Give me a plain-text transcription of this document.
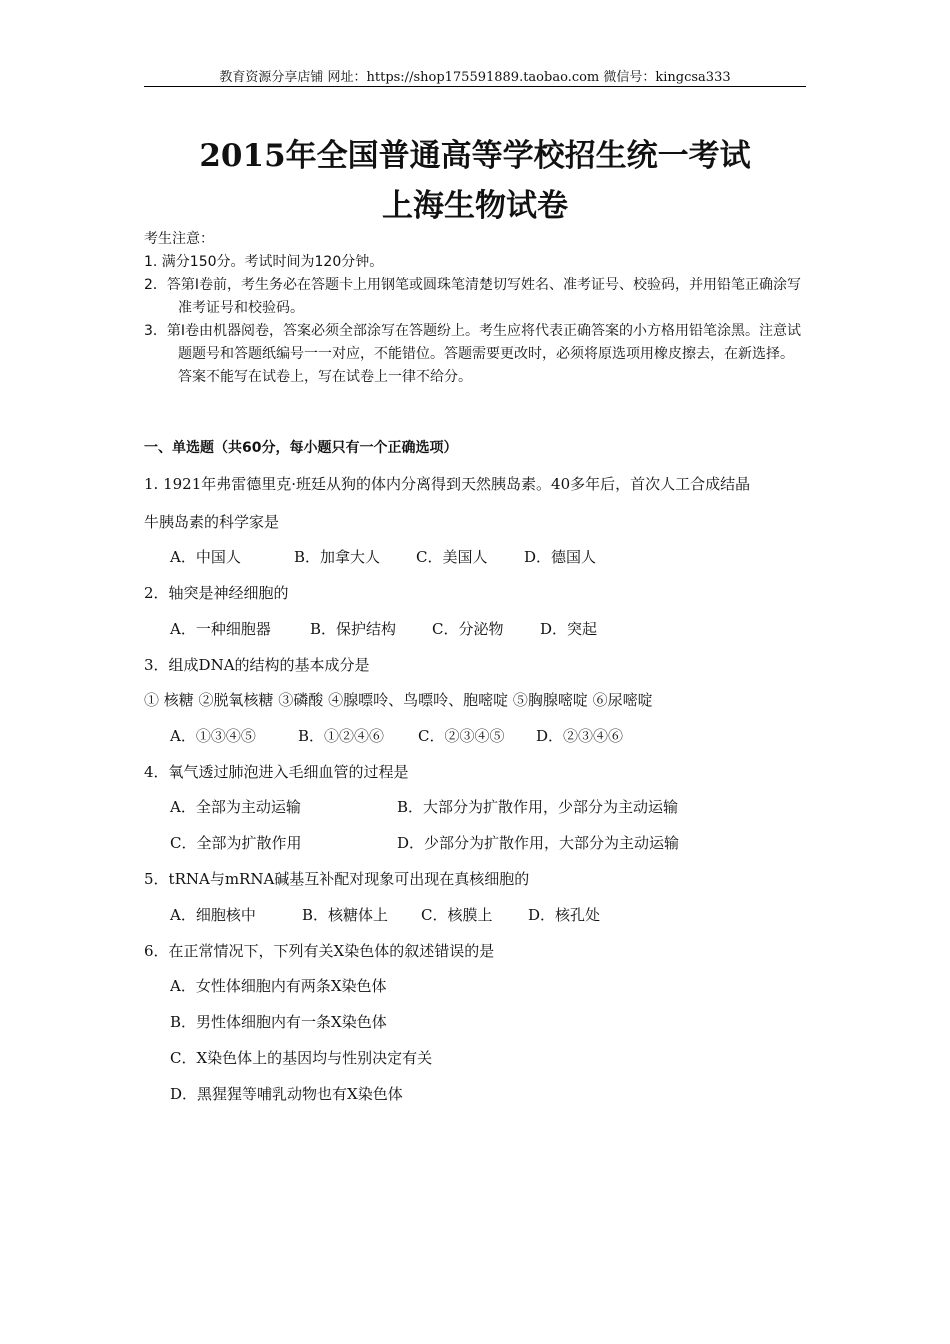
教育资源分享店铺 网址：https://shop175591889.taobao.com 微信号：kingcsa333
2015年全国普通高等学校招生统一考试
上海生物试卷
考生注意：
1. 满分150分。考试时间为120分钟。
2．答第Ⅰ卷前，考生务必在答题卡上用钢笔或圆珠笔清楚切写姓名、准考证号、校验码，并用铅笔正确涂写准考证号和校验码。
3．第Ⅰ卷由机器阅卷，答案必须全部涂写在答题纷上。考生应将代表正确答案的小方格用铅笔涂黑。注意试题题号和答题纸编号一一对应，不能错位。答题需要更改时，必须将原选项用橡皮擦去，在新选择。答案不能写在试卷上，写在试卷上一律不给分。
一、单选题（共60分，每小题只有一个正确选项）
1. 1921年弗雷德里克·班廷从狗的体内分离得到天然胰岛素。40多年后，首次人工合成结晶
牛胰岛素的科学家是
A．中国人	B．加拿大人 C．美国人 D．德国人
2．轴突是神经细胞的
A．一种细胞器	B．保护结构 C．分泌物 D．突起
3．组成DNA的结构的基本成分是
① 核糖 ②脱氧核糖 ③磷酸 ④腺嘌呤、鸟嘌呤、胞嘧啶 ⑤胸腺嘧啶 ⑥尿嘧啶
A．①③④⑤	B．①②④⑥ C．②③④⑤ D．②③④⑥
4．氧气透过肺泡进入毛细血管的过程是
A．全部为主动运输	B．大部分为扩散作用，少部分为主动运输
C．全部为扩散作用	D．少部分为扩散作用，大部分为主动运输
5．tRNA与mRNA碱基互补配对现象可出现在真核细胞的
A．细胞核中	B．核糖体上 C．核膜上 D．核孔处
6．在正常情况下，下列有关X染色体的叙述错误的是
A．女性体细胞内有两条X染色体
B．男性体细胞内有一条X染色体
C．X染色体上的基因均与性别决定有关
D．黑猩猩等哺乳动物也有X染色体
